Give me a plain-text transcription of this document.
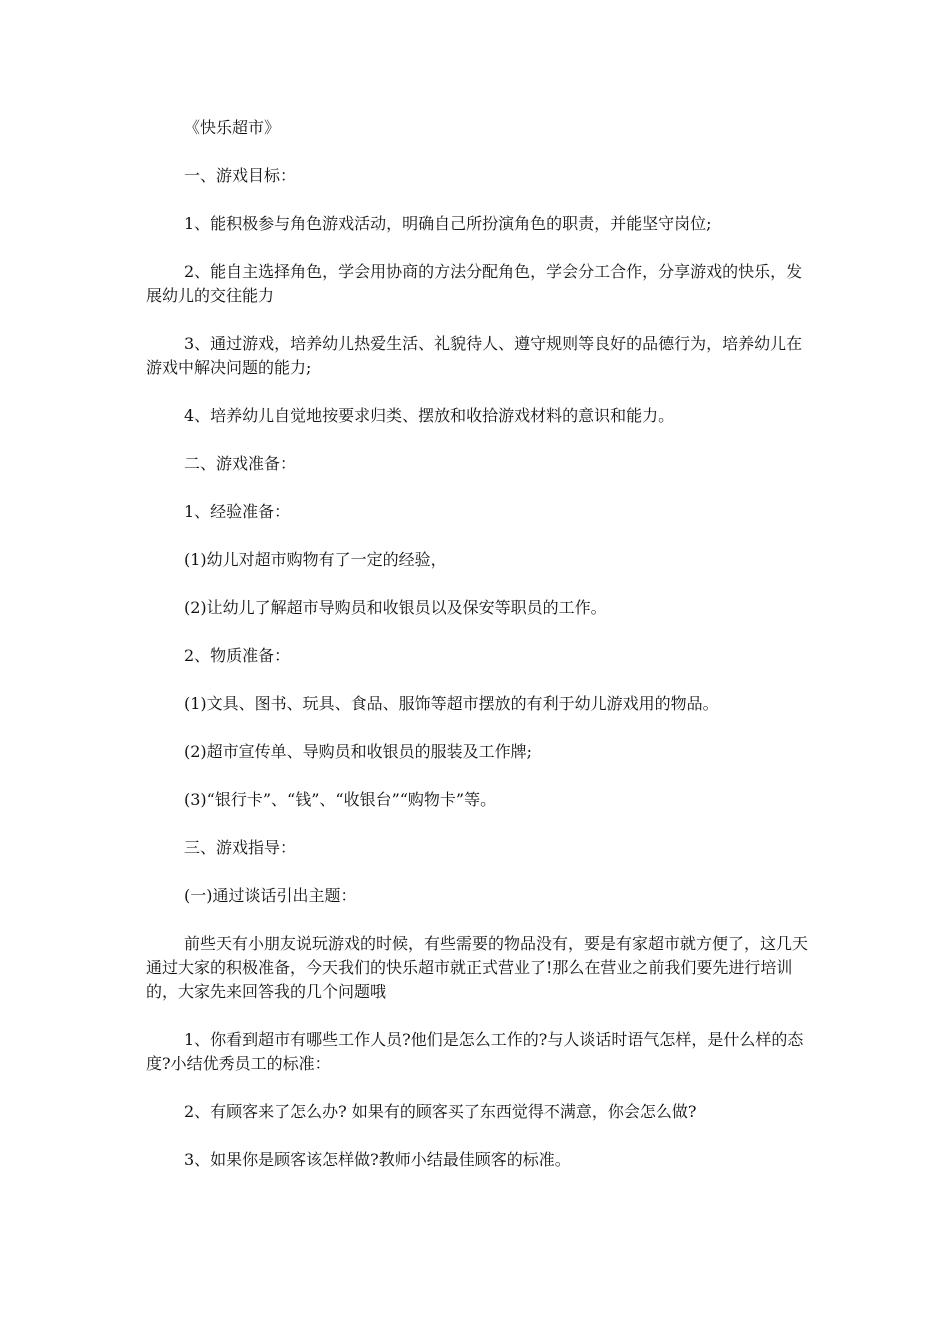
《快乐超市》

一、游戏目标：

1、能积极参与角色游戏活动，明确自己所扮演角色的职责，并能坚守岗位;

2、能自主选择角色，学会用协商的方法分配角色，学会分工合作，分享游戏的快乐，发展幼儿的交往能力

3、通过游戏，培养幼儿热爱生活、礼貌待人、遵守规则等良好的品德行为，培养幼儿在游戏中解决问题的能力;

4、培养幼儿自觉地按要求归类、摆放和收拾游戏材料的意识和能力。

二、游戏准备：

1、经验准备：

(1)幼儿对超市购物有了一定的经验，

(2)让幼儿了解超市导购员和收银员以及保安等职员的工作。

2、物质准备：

(1)文具、图书、玩具、食品、服饰等超市摆放的有利于幼儿游戏用的物品。

(2)超市宣传单、导购员和收银员的服装及工作牌;

(3)“银行卡”、“钱”、“收银台”“购物卡”等。

三、游戏指导：

(一)通过谈话引出主题：

前些天有小朋友说玩游戏的时候，有些需要的物品没有，要是有家超市就方便了，这几天通过大家的积极准备，今天我们的快乐超市就正式营业了!那么在营业之前我们要先进行培训的，大家先来回答我的几个问题哦

1、你看到超市有哪些工作人员?他们是怎么工作的?与人谈话时语气怎样，是什么样的态度?小结优秀员工的标准：

2、有顾客来了怎么办? 如果有的顾客买了东西觉得不满意，你会怎么做?

3、如果你是顾客该怎样做?教师小结最佳顾客的标准。
